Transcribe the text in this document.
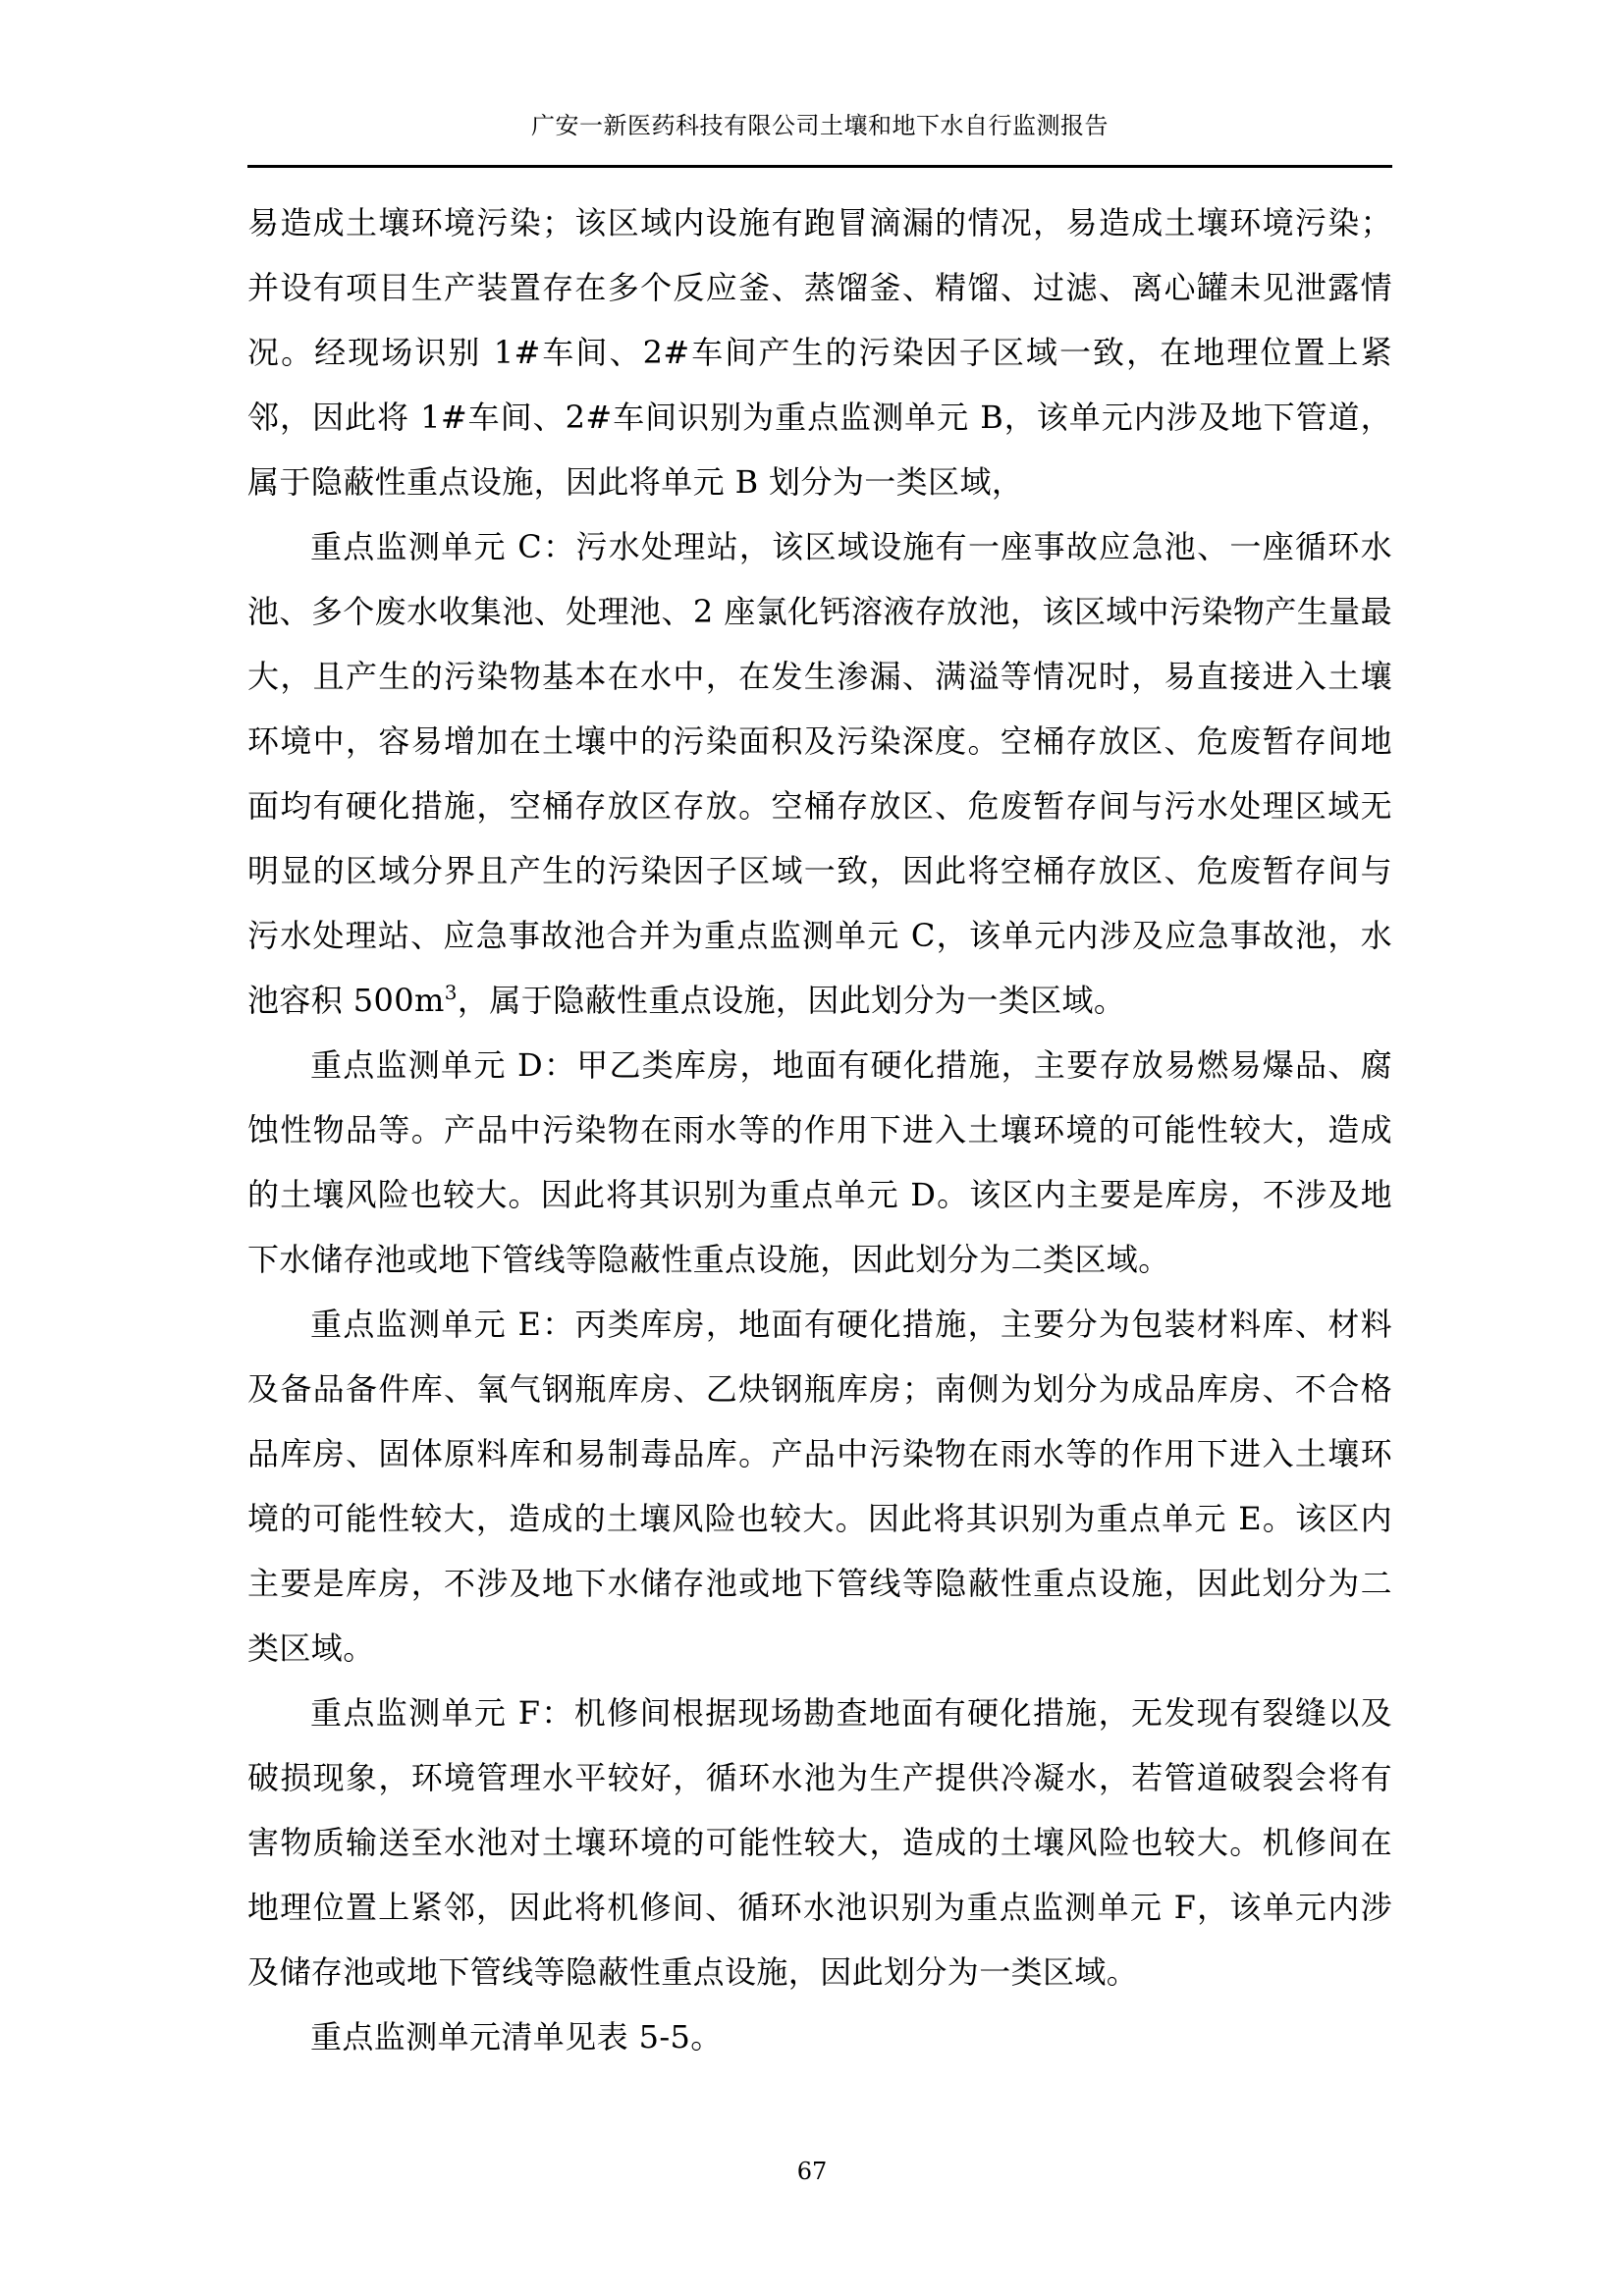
广安一新医药科技有限公司土壤和地下水自行监测报告

易造成土壤环境污染；该区域内设施有跑冒滴漏的情况，易造成土壤环境污染；并设有项目生产装置存在多个反应釜、蒸馏釜、精馏、过滤、离心罐未见泄露情况。经现场识别 1#车间、2#车间产生的污染因子区域一致，在地理位置上紧邻，因此将 1#车间、2#车间识别为重点监测单元 B，该单元内涉及地下管道，属于隐蔽性重点设施，因此将单元 B 划分为一类区域，

重点监测单元 C：污水处理站，该区域设施有一座事故应急池、一座循环水池、多个废水收集池、处理池、2 座氯化钙溶液存放池，该区域中污染物产生量最大，且产生的污染物基本在水中，在发生渗漏、满溢等情况时，易直接进入土壤环境中，容易增加在土壤中的污染面积及污染深度。空桶存放区、危废暂存间地面均有硬化措施，空桶存放区存放。空桶存放区、危废暂存间与污水处理区域无明显的区域分界且产生的污染因子区域一致，因此将空桶存放区、危废暂存间与污水处理站、应急事故池合并为重点监测单元 C，该单元内涉及应急事故池，水池容积 $500m^3$，属于隐蔽性重点设施，因此划分为一类区域。

重点监测单元 D：甲乙类库房，地面有硬化措施，主要存放易燃易爆品、腐蚀性物品等。产品中污染物在雨水等的作用下进入土壤环境的可能性较大，造成的土壤风险也较大。因此将其识别为重点单元 D。该区内主要是库房，不涉及地下水储存池或地下管线等隐蔽性重点设施，因此划分为二类区域。

重点监测单元 E：丙类库房，地面有硬化措施，主要分为包装材料库、材料及备品备件库、氧气钢瓶库房、乙炔钢瓶库房；南侧为划分为成品库房、不合格品库房、固体原料库和易制毒品库。产品中污染物在雨水等的作用下进入土壤环境的可能性较大，造成的土壤风险也较大。因此将其识别为重点单元 E。该区内主要是库房，不涉及地下水储存池或地下管线等隐蔽性重点设施，因此划分为二类区域。

重点监测单元 F：机修间根据现场勘查地面有硬化措施，无发现有裂缝以及破损现象，环境管理水平较好，循环水池为生产提供冷凝水，若管道破裂会将有害物质输送至水池对土壤环境的可能性较大，造成的土壤风险也较大。机修间在地理位置上紧邻，因此将机修间、循环水池识别为重点监测单元 F，该单元内涉及储存池或地下管线等隐蔽性重点设施，因此划分为一类区域。

重点监测单元清单见表 5-5。

67
